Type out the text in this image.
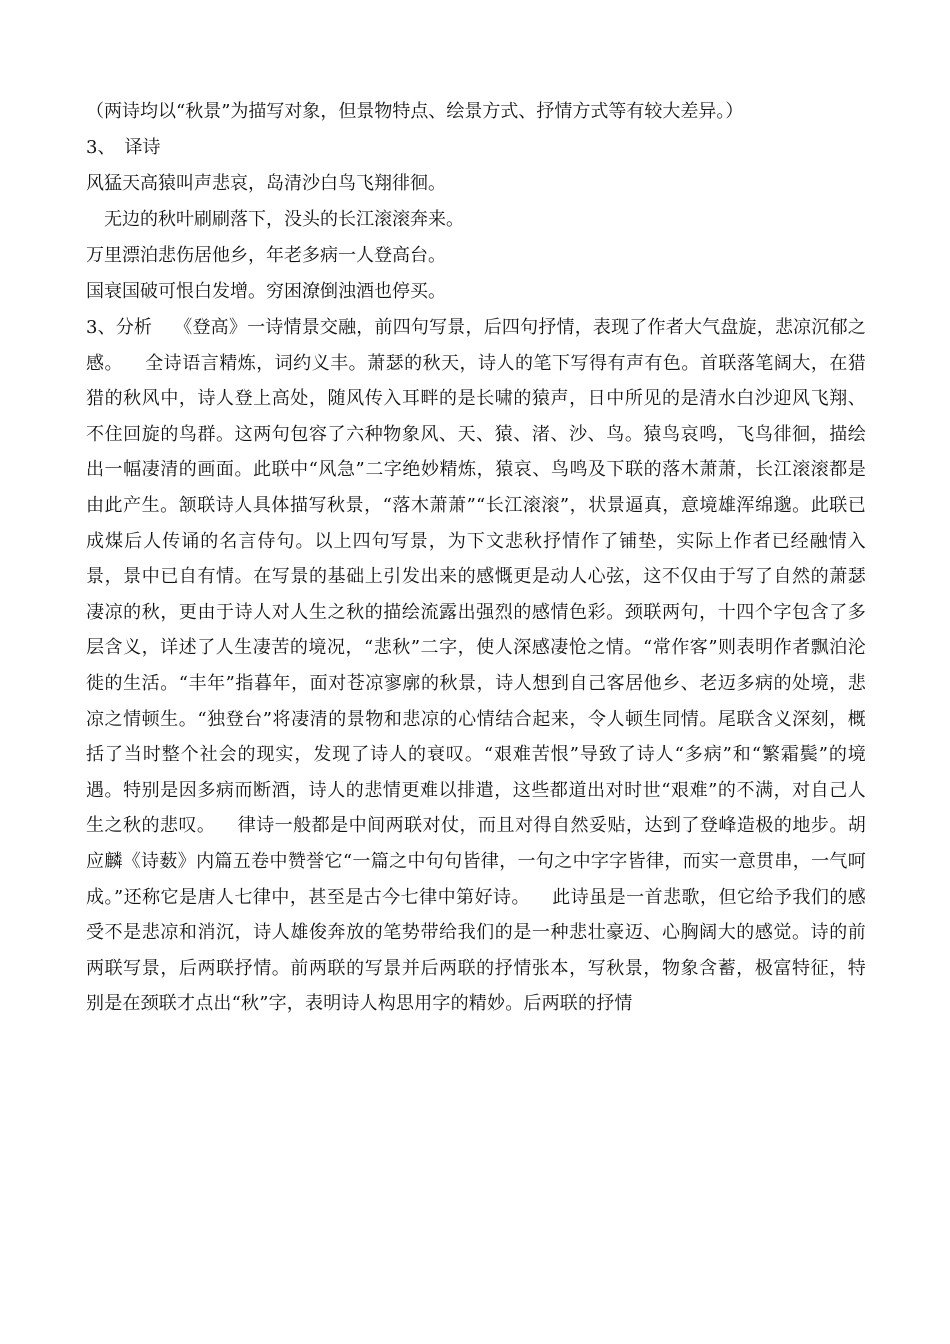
（两诗均以“秋景”为描写对象，但景物特点、绘景方式、抒情方式等有较大差异。）

3、　译诗

风猛天高猿叫声悲哀，岛清沙白鸟飞翔徘徊。

无边的秋叶刷刷落下，没头的长江滚滚奔来。

万里漂泊悲伤居他乡，年老多病一人登高台。

国衰国破可恨白发增。穷困潦倒浊酒也停买。

3、分析 《登高》一诗情景交融，前四句写景，后四句抒情，表现了作者大气盘旋，悲凉沉郁之感。 全诗语言精炼，词约义丰。萧瑟的秋天，诗人的笔下写得有声有色。首联落笔阔大，在猎猎的秋风中，诗人登上高处，随风传入耳畔的是长啸的猿声，日中所见的是清水白沙迎风飞翔、不住回旋的鸟群。这两句包容了六种物象风、天、猿、渚、沙、鸟。猿鸟哀鸣，飞鸟徘徊，描绘出一幅凄清的画面。此联中“风急”二字绝妙精炼，猿哀、鸟鸣及下联的落木萧萧，长江滚滚都是由此产生。颔联诗人具体描写秋景，“落木萧萧”“长江滚滚”，状景逼真，意境雄浑绵邈。此联已成煤后人传诵的名言侍句。以上四句写景，为下文悲秋抒情作了铺垫，实际上作者已经融情入景，景中已自有情。在写景的基础上引发出来的感慨更是动人心弦，这不仅由于写了自然的萧瑟凄凉的秋，更由于诗人对人生之秋的描绘流露出强烈的感情色彩。颈联两句，十四个字包含了多层含义，详述了人生凄苦的境况，“悲秋”二字，使人深感凄怆之情。“常作客”则表明作者飘泊沦徙的生活。“丰年”指暮年，面对苍凉寥廓的秋景，诗人想到自己客居他乡、老迈多病的处境，悲凉之情顿生。“独登台”将凄清的景物和悲凉的心情结合起来，令人顿生同情。尾联含义深刻，概括了当时整个社会的现实，发现了诗人的衰叹。“艰难苦恨”导致了诗人“多病”和“繁霜鬓”的境遇。特别是因多病而断酒，诗人的悲情更难以排遣，这些都道出对时世“艰难”的不满，对自己人生之秋的悲叹。 律诗一般都是中间两联对仗，而且对得自然妥贴，达到了登峰造极的地步。胡应麟《诗薮》内篇五卷中赞誉它“一篇之中句句皆律，一句之中字字皆律，而实一意贯串，一气呵成。”还称它是唐人七律中，甚至是古今七律中第好诗。 此诗虽是一首悲歌，但它给予我们的感受不是悲凉和消沉，诗人雄俊奔放的笔势带给我们的是一种悲壮豪迈、心胸阔大的感觉。诗的前两联写景，后两联抒情。前两联的写景并后两联的抒情张本，写秋景，物象含蓄，极富特征，特别是在颈联才点出“秋”字，表明诗人构思用字的精妙。后两联的抒情
